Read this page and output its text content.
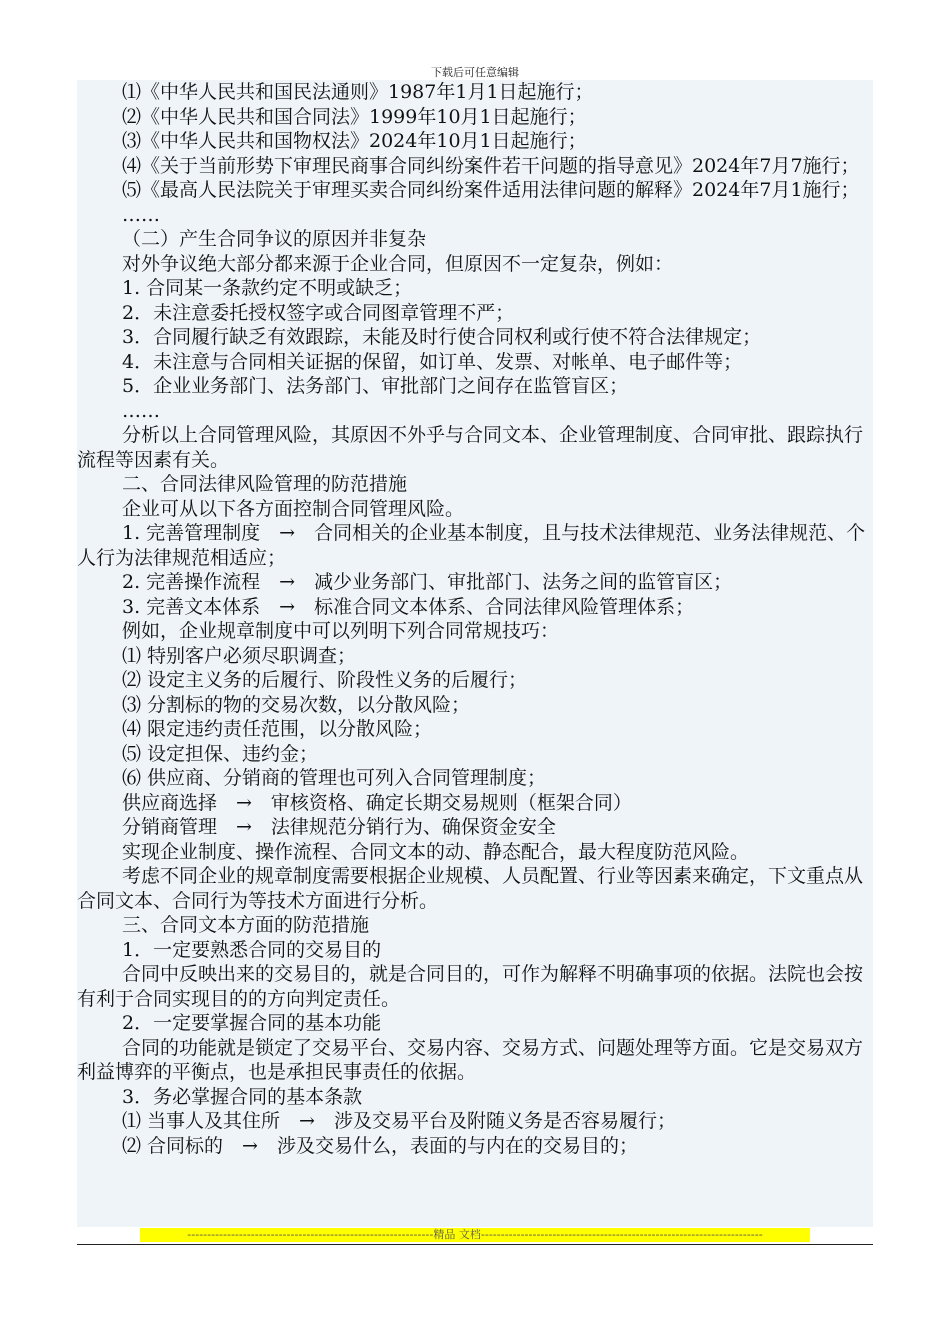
下载后可任意编辑

⑴《中华人民共和国民法通则》1987年1月1日起施行；

⑵《中华人民共和国合同法》1999年10月1日起施行；

⑶《中华人民共和国物权法》2024年10月1日起施行；

⑷《关于当前形势下审理民商事合同纠纷案件若干问题的指导意见》2024年7月7施行；

⑸《最高人民法院关于审理买卖合同纠纷案件适用法律问题的解释》2024年7月1施行；

……

（二）产生合同争议的原因并非复杂

对外争议绝大部分都来源于企业合同，但原因不一定复杂，例如：

1. 合同某一条款约定不明或缺乏；

2．未注意委托授权签字或合同图章管理不严；

3．合同履行缺乏有效跟踪，未能及时行使合同权利或行使不符合法律规定；

4．未注意与合同相关证据的保留，如订单、发票、对帐单、电子邮件等；

5．企业业务部门、法务部门、审批部门之间存在监管盲区；

……

分析以上合同管理风险，其原因不外乎与合同文本、企业管理制度、合同审批、跟踪执行流程等因素有关。

二、合同法律风险管理的防范措施

企业可从以下各方面控制合同管理风险。

1. 完善管理制度　→　合同相关的企业基本制度，且与技术法律规范、业务法律规范、个人行为法律规范相适应；

2. 完善操作流程　→　减少业务部门、审批部门、法务之间的监管盲区；

3. 完善文本体系　→　标准合同文本体系、合同法律风险管理体系；

例如，企业规章制度中可以列明下列合同常规技巧：

⑴ 特别客户必须尽职调查；

⑵ 设定主义务的后履行、阶段性义务的后履行；

⑶ 分割标的物的交易次数，以分散风险；

⑷ 限定违约责任范围，以分散风险；

⑸ 设定担保、违约金；

⑹ 供应商、分销商的管理也可列入合同管理制度；

供应商选择　→　审核资格、确定长期交易规则（框架合同）

分销商管理　→　法律规范分销行为、确保资金安全

实现企业制度、操作流程、合同文本的动、静态配合，最大程度防范风险。

考虑不同企业的规章制度需要根据企业规模、人员配置、行业等因素来确定，下文重点从合同文本、合同行为等技术方面进行分析。

三、合同文本方面的防范措施

1．一定要熟悉合同的交易目的

合同中反映出来的交易目的，就是合同目的，可作为解释不明确事项的依据。法院也会按有利于合同实现目的的方向判定责任。

2．一定要掌握合同的基本功能

合同的功能就是锁定了交易平台、交易内容、交易方式、问题处理等方面。它是交易双方利益博弈的平衡点，也是承担民事责任的依据。

3．务必掌握合同的基本条款

⑴ 当事人及其住所　→　涉及交易平台及附随义务是否容易履行；

⑵ 合同标的　→　涉及交易什么，表面的与内在的交易目的；

--------------------------------------------------------------精品 文档-----------------------------------------------------------------------
